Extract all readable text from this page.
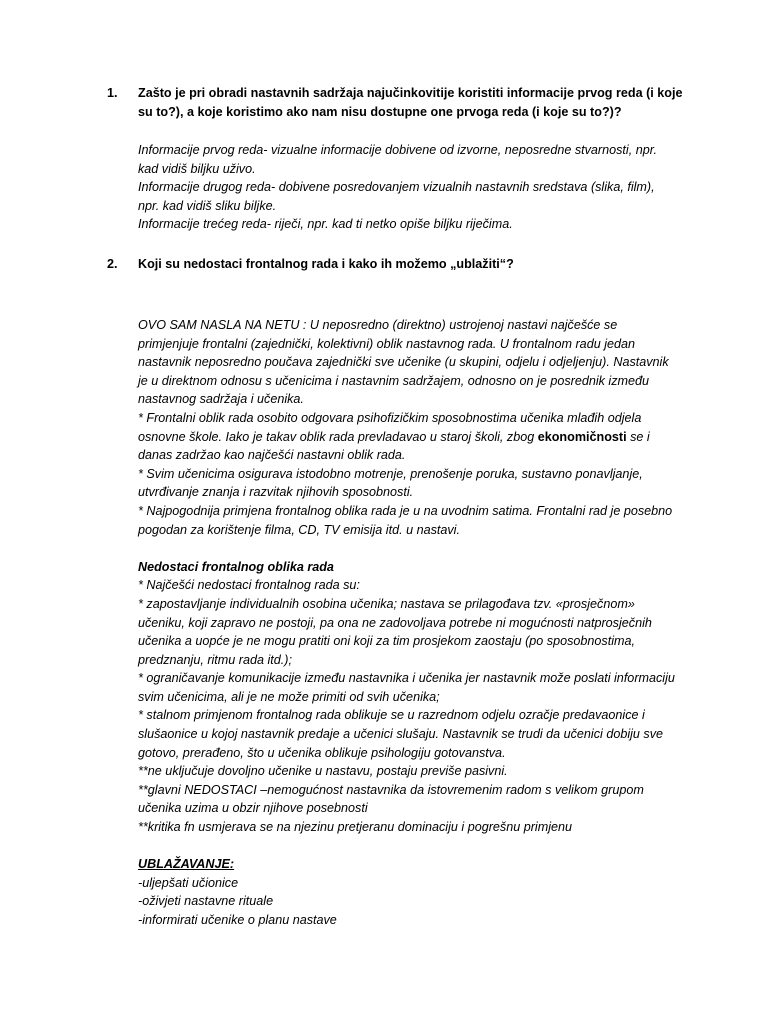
1.	Zašto je pri obradi nastavnih sadržaja najučinkovitije koristiti informacije prvog reda (i koje su to?), a koje koristimo ako nam nisu dostupne one prvoga reda (i koje su to?)?

Informacije prvog reda- vizualne informacije dobivene od izvorne, neposredne stvarnosti, npr. kad vidiš biljku uživo.

Informacije drugog reda- dobivene posredovanjem vizualnih nastavnih sredstava (slika, film), npr. kad vidiš sliku biljke.

Informacije trećeg reda- riječi, npr. kad ti netko opiše biljku riječima.

2.	Koji su nedostaci frontalnog rada i kako ih možemo „ublažiti“?

OVO SAM NASLA NA NETU : U neposredno (direktno) ustrojenoj nastavi najčešće se primjenjuje frontalni (zajednički, kolektivni) oblik nastavnog rada. U frontalnom radu jedan nastavnik neposredno poučava zajednički sve učenike (u skupini, odjelu i odjeljenju). Nastavnik je u direktnom odnosu s učenicima i nastavnim sadržajem, odnosno on je posrednik između nastavnog sadržaja i učenika.

* Frontalni oblik rada osobito odgovara psihofizičkim sposobnostima učenika mlađih odjela osnovne škole. Iako je takav oblik rada prevladavao u staroj školi, zbog ekonomičnosti se i danas zadržao kao najčešći nastavni oblik rada.

* Svim učenicima osigurava istodobno motrenje, prenošenje poruka, sustavno ponavljanje, utvrđivanje znanja i razvitak njihovih sposobnosti.

* Najpogodnija primjena frontalnog oblika rada je u na uvodnim satima. Frontalni rad je posebno pogodan za korištenje filma, CD, TV emisija itd. u nastavi.

Nedostaci frontalnog oblika rada

* Najčešći nedostaci frontalnog rada su:

* zapostavljanje individualnih osobina učenika; nastava se prilagođava tzv. «prosječnom» učeniku, koji zapravo ne postoji, pa ona ne zadovoljava potrebe ni mogućnosti natprosječnih učenika a uopće je ne mogu pratiti oni koji za tim prosjekom zaostaju (po sposobnostima, predznanju, ritmu rada itd.);

* ograničavanje komunikacije između nastavnika i učenika jer nastavnik može poslati informaciju svim učenicima, ali je ne može primiti od svih učenika;

* stalnom primjenom frontalnog rada oblikuje se u razrednom odjelu ozračje predavaonice i slušaonice u kojoj nastavnik predaje a učenici slušaju. Nastavnik se trudi da učenici dobiju sve gotovo, prerađeno, što u učenika oblikuje psihologiju gotovanstva.

**ne uključuje dovoljno učenike u nastavu, postaju previše pasivni.

**glavni NEDOSTACI –nemogućnost nastavnika da istovremenim radom s velikom grupom učenika uzima u obzir njihove posebnosti

**kritika fn usmjerava se na njezinu pretjeranu dominaciju i pogrešnu primjenu

UBLAŽAVANJE:

-uljepšati učionice

-oživjeti nastavne rituale

-informirati učenike o planu nastave
